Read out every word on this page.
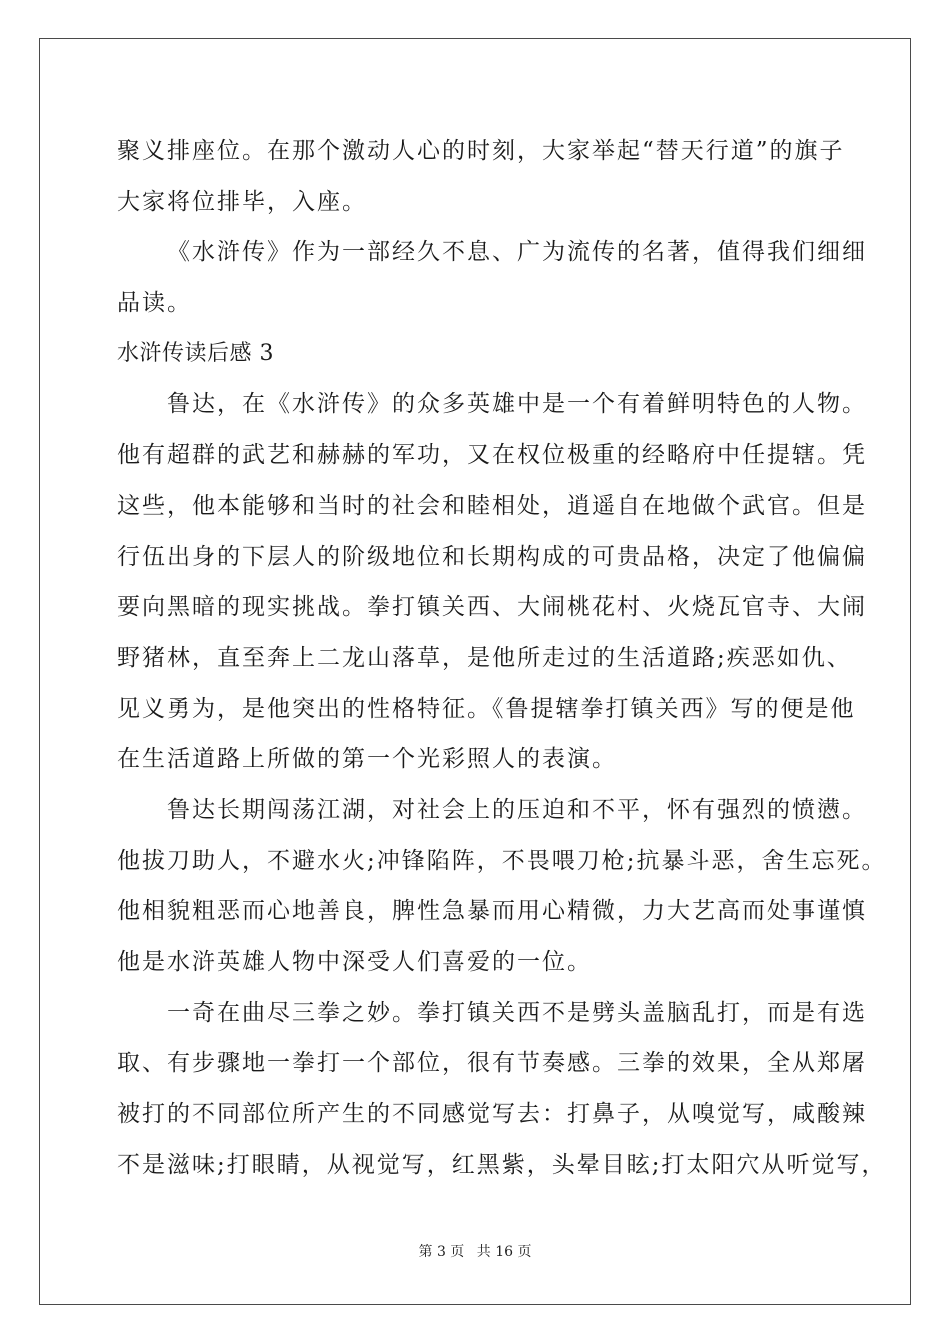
聚义排座位。在那个激动人心的时刻，大家举起“替天行道”的旗子
大家将位排毕，入座。
《水浒传》作为一部经久不息、广为流传的名著，值得我们细细
品读。
水浒传读后感 3
鲁达，在《水浒传》的众多英雄中是一个有着鲜明特色的人物。
他有超群的武艺和赫赫的军功，又在权位极重的经略府中任提辖。凭
这些，他本能够和当时的社会和睦相处，逍遥自在地做个武官。但是
行伍出身的下层人的阶级地位和长期构成的可贵品格，决定了他偏偏
要向黑暗的现实挑战。拳打镇关西、大闹桃花村、火烧瓦官寺、大闹
野猪林，直至奔上二龙山落草，是他所走过的生活道路;疾恶如仇、
见义勇为，是他突出的性格特征。《鲁提辖拳打镇关西》写的便是他
在生活道路上所做的第一个光彩照人的表演。
鲁达长期闯荡江湖，对社会上的压迫和不平，怀有强烈的愤懑。
他拔刀助人，不避水火;冲锋陷阵，不畏喂刀枪;抗暴斗恶，舍生忘死。
他相貌粗恶而心地善良，脾性急暴而用心精微，力大艺高而处事谨慎
他是水浒英雄人物中深受人们喜爱的一位。
一奇在曲尽三拳之妙。拳打镇关西不是劈头盖脑乱打，而是有选
取、有步骤地一拳打一个部位，很有节奏感。三拳的效果，全从郑屠
被打的不同部位所产生的不同感觉写去：打鼻子，从嗅觉写，咸酸辣
不是滋味;打眼睛，从视觉写，红黑紫，头晕目眩;打太阳穴从听觉写，
第 3 页 共 16 页
